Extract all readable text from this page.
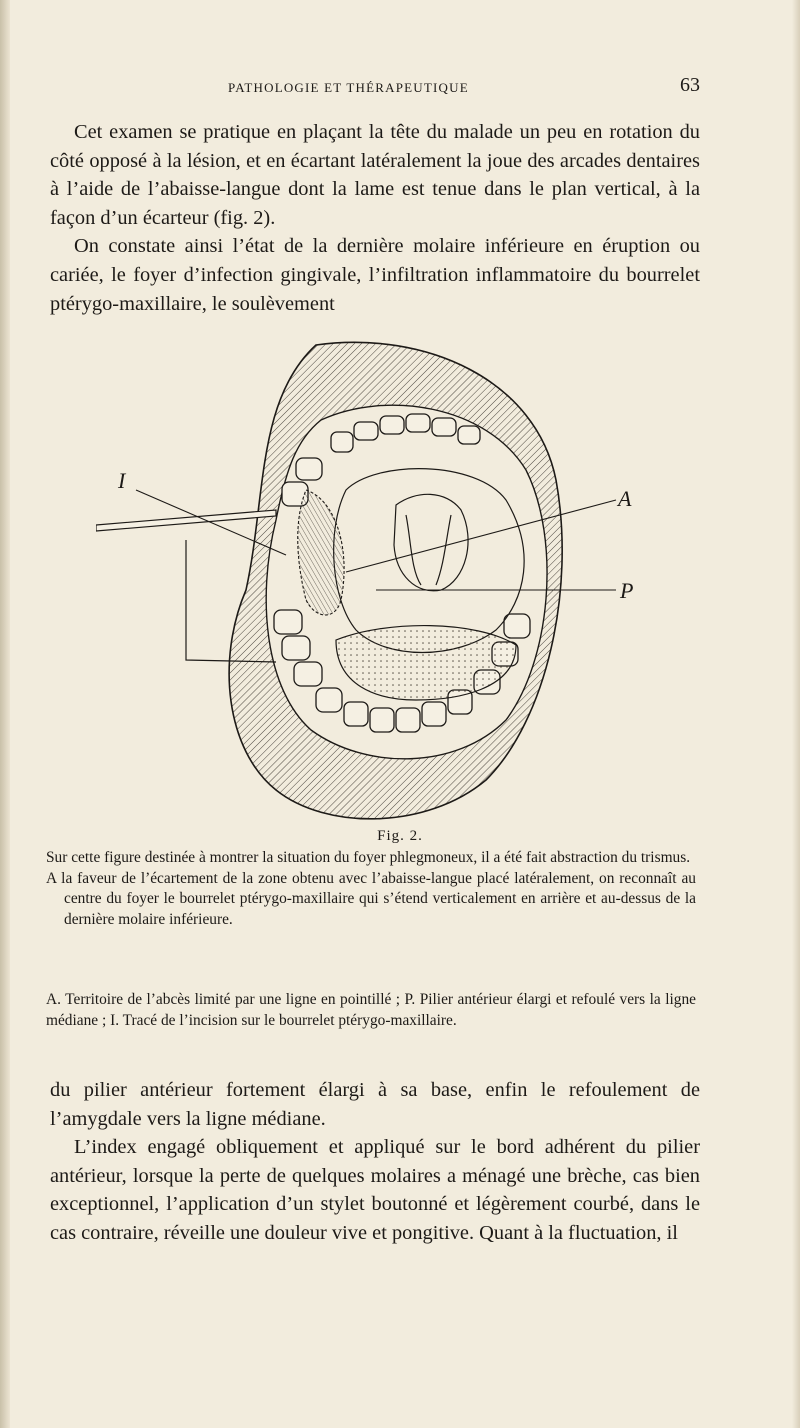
PATHOLOGIE ET THÉRAPEUTIQUE	63

Cet examen se pratique en plaçant la tête du malade un peu en rotation du côté opposé à la lésion, et en écartant latéralement la joue des arcades dentaires à l’aide de l’abaisse-langue dont la lame est tenue dans le plan vertical, à la façon d’un écarteur (fig. 2).

On constate ainsi l’état de la dernière molaire inférieure en éruption ou cariée, le foyer d’infection gingivale, l’infiltration inflammatoire du bourrelet ptérygo-maxillaire, le soulèvement

I
A
P
Fig. 2.

Sur cette figure destinée à montrer la situation du foyer phlegmoneux, il a été fait abstraction du trismus.

A la faveur de l’écartement de la zone obtenu avec l’abaisse-langue placé latéralement, on reconnaît au centre du foyer le bourrelet ptérygo-maxillaire qui s’étend verticalement en arrière et au-dessus de la dernière molaire inférieure.

A. Territoire de l’abcès limité par une ligne en pointillé ; P. Pilier antérieur élargi et refoulé vers la ligne médiane ; I. Tracé de l’incision sur le bourrelet ptérygo-maxillaire.

du pilier antérieur fortement élargi à sa base, enfin le refoulement de l’amygdale vers la ligne médiane.

L’index engagé obliquement et appliqué sur le bord adhérent du pilier antérieur, lorsque la perte de quelques molaires a ménagé une brèche, cas bien exceptionnel, l’application d’un stylet boutonné et légèrement courbé, dans le cas contraire, réveille une douleur vive et pongitive. Quant à la fluctuation, il
